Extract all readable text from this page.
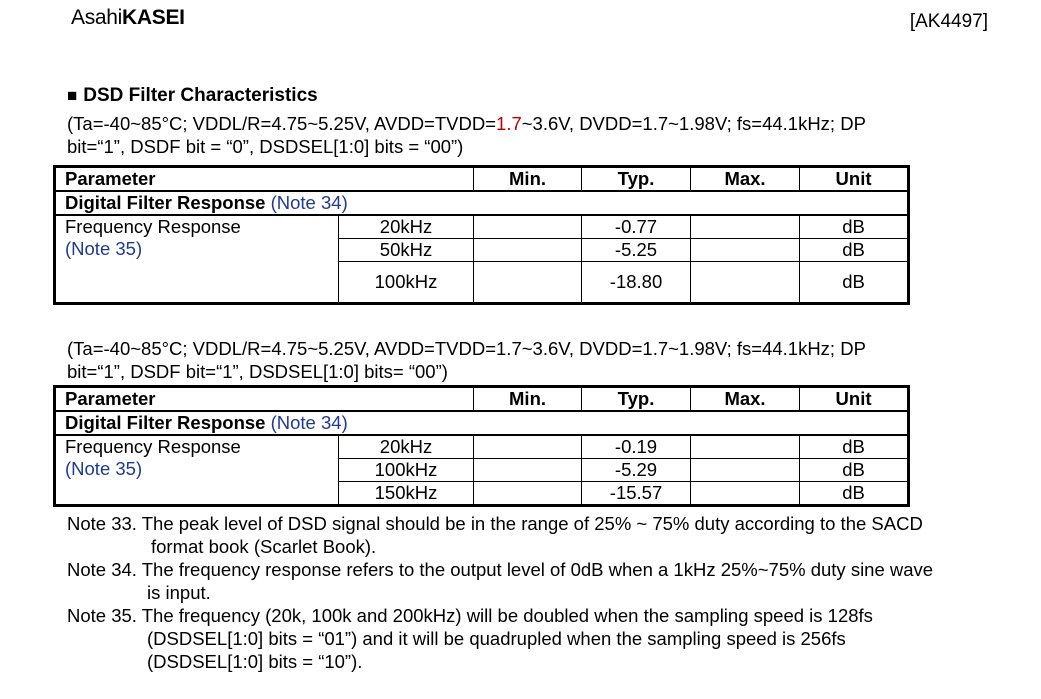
AsahiKASEI	[AK4497]
■ DSD Filter Characteristics
(Ta=-40~85°C; VDDL/R=4.75~5.25V, AVDD=TVDD=1.7~3.6V, DVDD=1.7~1.98V; fs=44.1kHz; DP
bit=“1”, DSDF bit = “0”, DSDSEL[1:0] bits = “00”)
Parameter		Min.	Typ.	Max.	Unit
Digital Filter Response (Note 34)					

Frequency Response
(Note 35)	20kHz		-0.77		dB
	50kHz		-5.25		dB
	100kHz		-18.80		dB
(Ta=-40~85°C; VDDL/R=4.75~5.25V, AVDD=TVDD=1.7~3.6V, DVDD=1.7~1.98V; fs=44.1kHz; DP
bit=“1”, DSDF bit=“1”, DSDSEL[1:0] bits= “00”)
Parameter		Min.	Typ.	Max.	Unit
Digital Filter Response (Note 34)					

Frequency Response
(Note 35)	20kHz		-0.19		dB
	100kHz		-5.29		dB
	150kHz		-15.57		dB
Note 33. The peak level of DSD signal should be in the range of 25% ~ 75% duty according to the SACD
format book (Scarlet Book).
Note 34. The frequency response refers to the output level of 0dB when a 1kHz 25%~75% duty sine wave
is input.
Note 35. The frequency (20k, 100k and 200kHz) will be doubled when the sampling speed is 128fs
(DSDSEL[1:0] bits = “01”) and it will be quadrupled when the sampling speed is 256fs
(DSDSEL[1:0] bits = “10”).
